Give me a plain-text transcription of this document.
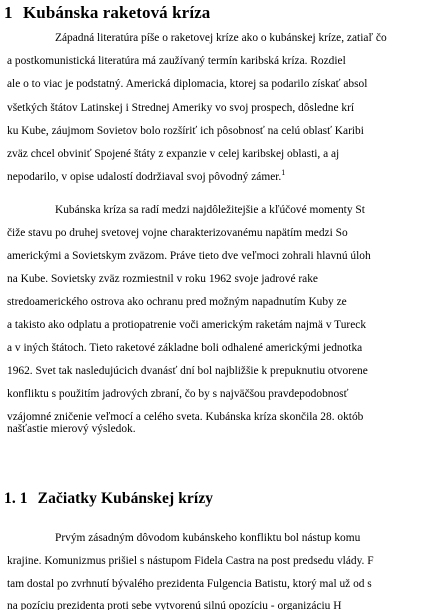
1 Kubánska raketová kríza
Západná literatúra píše o raketovej kríze ako o kubánskej kríze, zatiaľ čo
a postkomunistická literatúra má zaužívaný termín karibská kríza. Rozdiel
ale o to viac je podstatný. Americká diplomacia, ktorej sa podarilo získať absol
všetkých štátov Latinskej i Strednej Ameriky vo svoj prospech, dôsledne krí
ku Kube, záujmom Sovietov bolo rozšíriť ich pôsobnosť na celú oblasť Karibi
zväz chcel obviniť Spojené štáty z expanzie v celej karibskej oblasti, a aj
nepodarilo, v opise udalostí dodržiaval svoj pôvodný zámer.$^1$
Kubánska kríza sa radí medzi najdôležitejšie a kľúčové momenty St
čiže stavu po druhej svetovej vojne charakterizovanému napätím medzi So
americkými a Sovietskym zväzom. Práve tieto dve veľmoci zohrali hlavnú úloh
na Kube. Sovietsky zväz rozmiestnil v roku 1962 svoje jadrové rake
stredoamerického ostrova ako ochranu pred možným napadnutím Kuby ze
a takisto ako odplatu a protiopatrenie voči americkým raketám najmä v Tureck
a v iných štátoch. Tieto raketové základne boli odhalené americkými jednotka
1962. Svet tak nasledujúcich dvanásť dní bol najbližšie k prepuknutiu otvorene
konfliktu s použitím jadrových zbraní, čo by s najväčšou pravdepodobnosť
vzájomné zničenie veľmocí a celého sveta. Kubánska kríza skončila 28. októb
našťastie mierový výsledok.
1. 1 Začiatky Kubánskej krízy
Prvým zásadným dôvodom kubánskeho konfliktu bol nástup komu
krajine. Komunizmus prišiel s nástupom Fidela Castra na post predsedu vlády. F
tam dostal po zvrhnutí bývalého prezidenta Fulgencia Batistu, ktorý mal už od s
na pozíciu prezidenta proti sebe vytvorenú silnú opozíciu - organizáciu H
